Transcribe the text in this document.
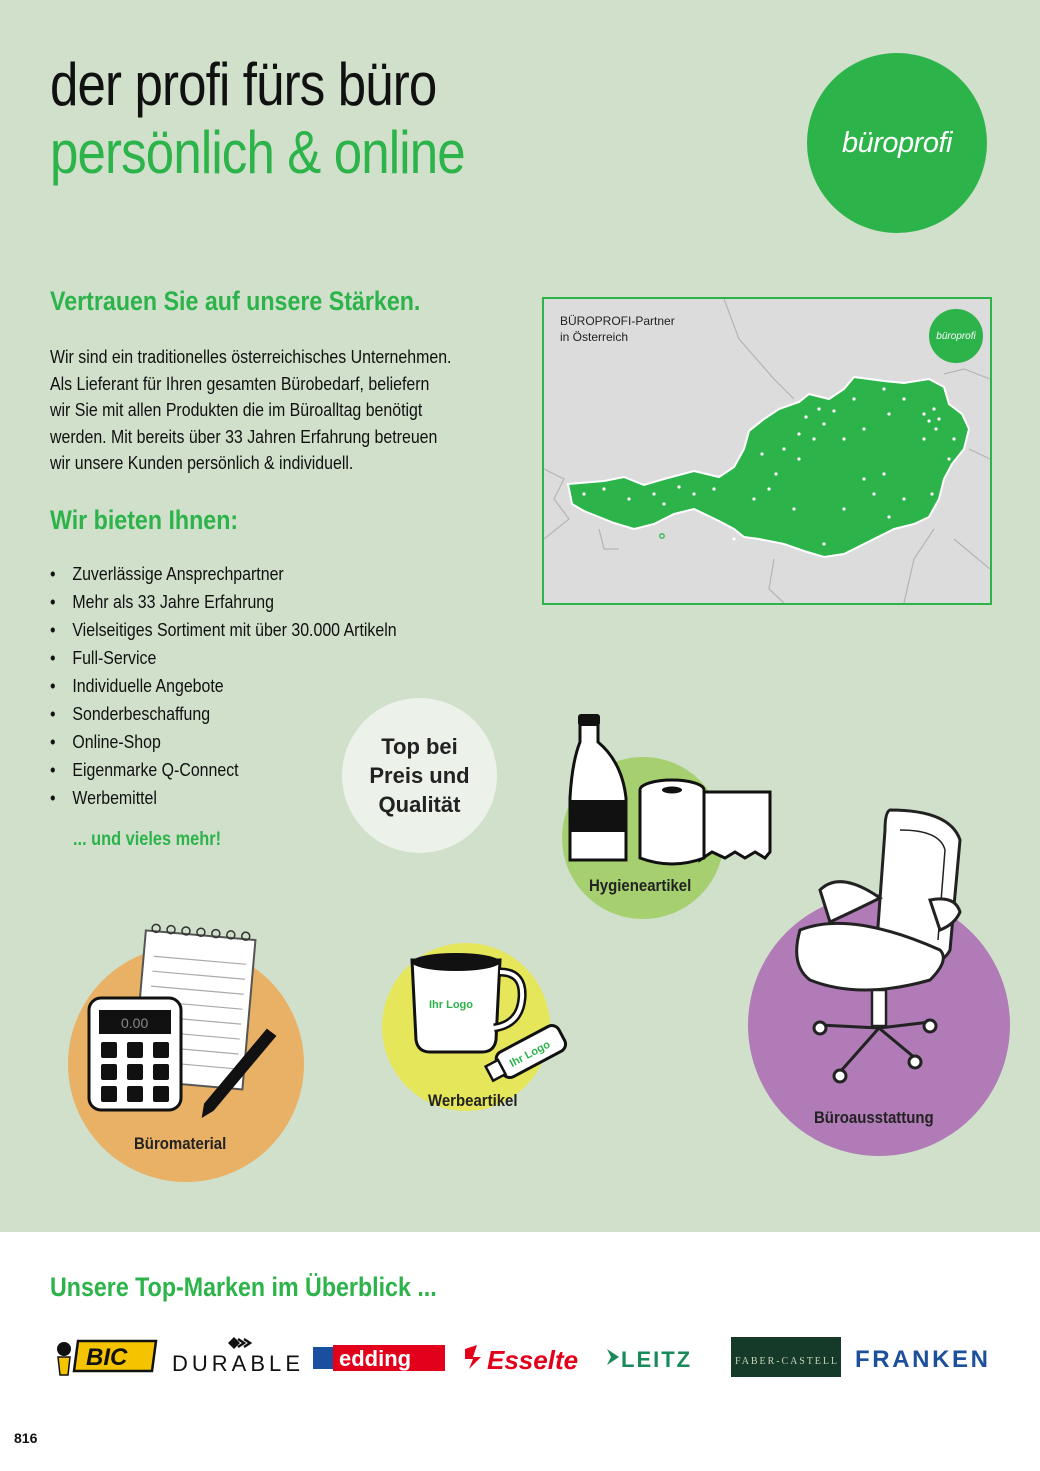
der profi fürs büro
persönlich & online	büroprofi
Vertrauen Sie auf unsere Stärken.
Wir sind ein traditionelles österreichisches Unternehmen.
Als Lieferant für Ihren gesamten Bürobedarf, beliefern
wir Sie mit allen Produkten die im Büroalltag benötigt
werden. Mit bereits über 33 Jahren Erfahrung betreuen
wir unsere Kunden persönlich & individuell.
Wir bieten Ihnen:
• Zuverlässige Ansprechpartner
• Mehr als 33 Jahre Erfahrung
• Vielseitiges Sortiment mit über 30.000 Artikeln
• Full-Service
• Individuelle Angebote
• Sonderbeschaffung
• Online-Shop
• Eigenmarke Q-Connect
• Werbemittel
... und vieles mehr!
BÜROPROFI-Partner
in Österreich	büroprofi
Top bei
Preis und
Qualität
Hygieneartikel
0.00
Büromaterial
Ihr Logo
Ihr Logo
Werbeartikel
Büroausstattung
Unsere Top-Marken im Überblick ...
BIC DURABLE edding	Esselte LEITZ	FABER-CASTELL FRANKEN
816
